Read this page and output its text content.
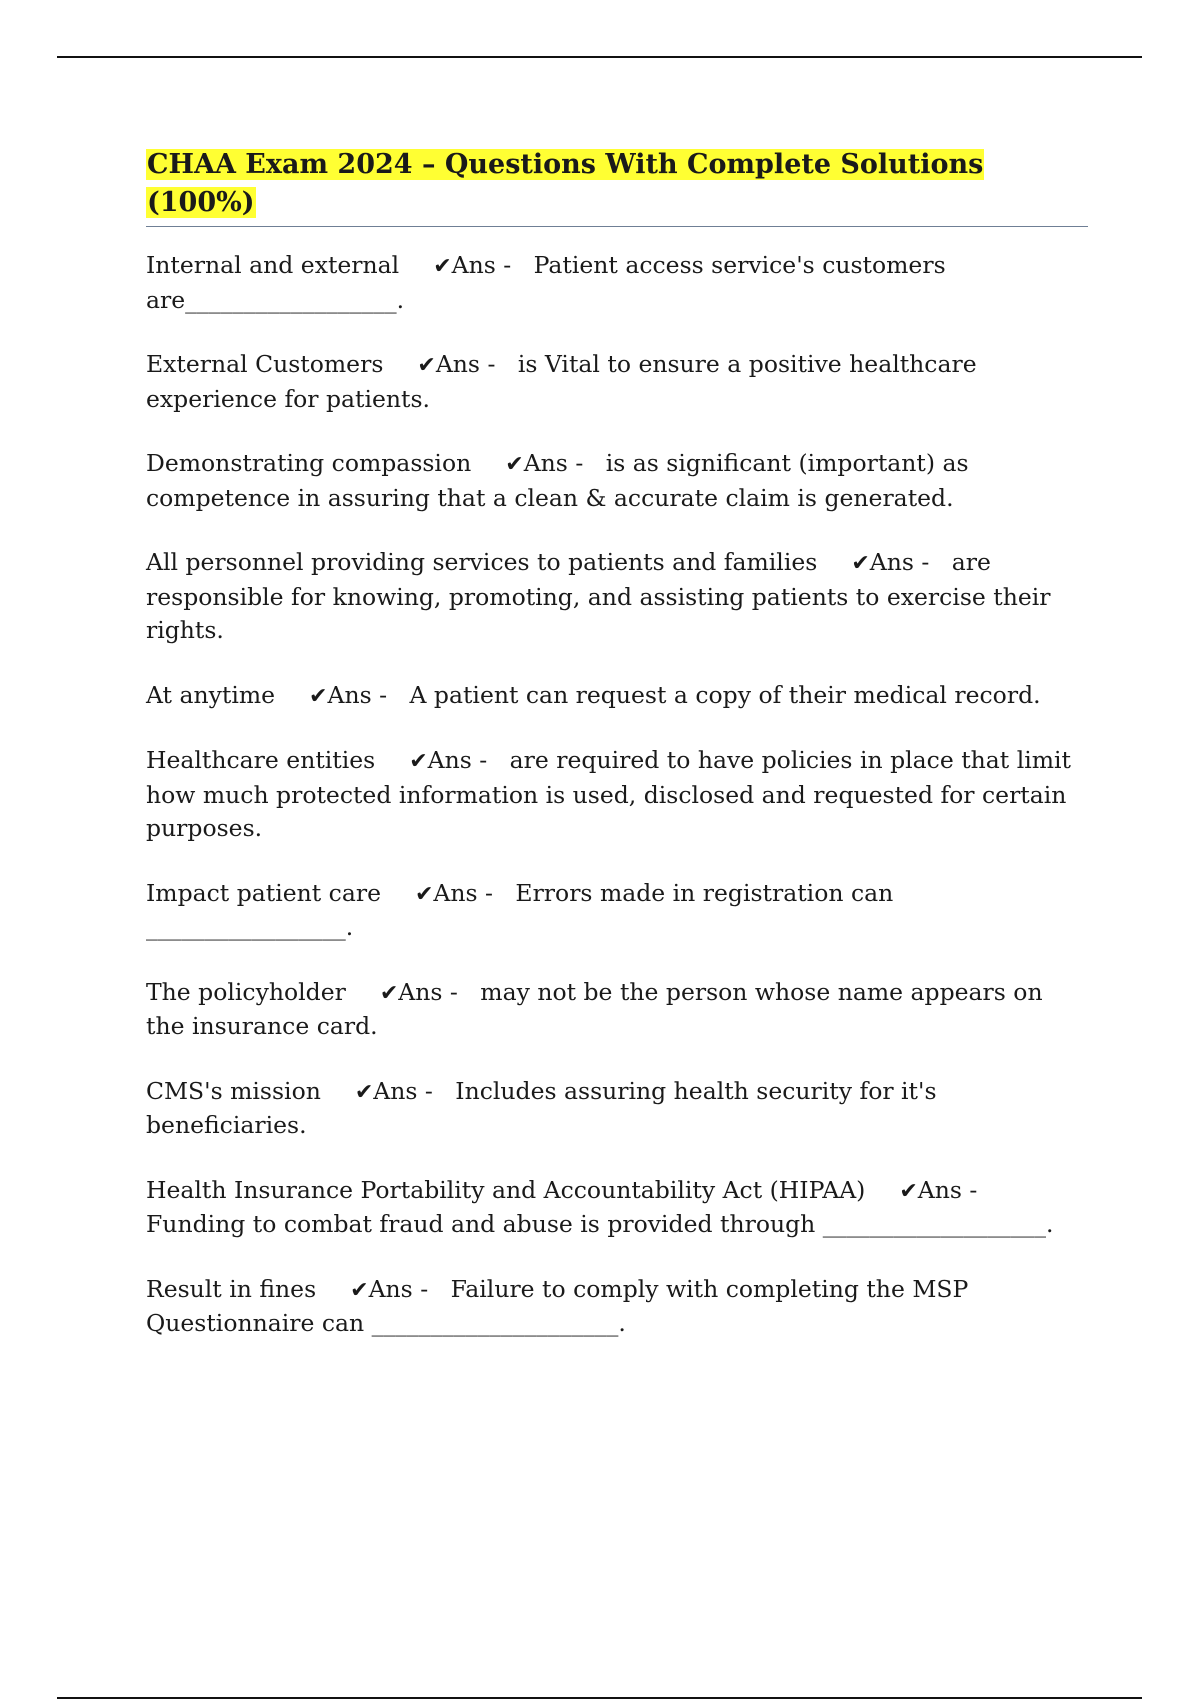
CHAA Exam 2024 – Questions With Complete Solutions (100%)

Internal and external ✔Ans - Patient access service's customers are__________________.

External Customers ✔Ans - is Vital to ensure a positive healthcare experience for patients.

Demonstrating compassion ✔Ans - is as significant (important) as competence in assuring that a clean & accurate claim is generated.

All personnel providing services to patients and families ✔Ans - are responsible for knowing, promoting, and assisting patients to exercise their rights.

At anytime ✔Ans - A patient can request a copy of their medical record.

Healthcare entities ✔Ans - are required to have policies in place that limit how much protected information is used, disclosed and requested for certain purposes.

Impact patient care ✔Ans - Errors made in registration can _________________.

The policyholder ✔Ans - may not be the person whose name appears on the insurance card.

CMS's mission ✔Ans - Includes assuring health security for it's beneficiaries.

Health Insurance Portability and Accountability Act (HIPAA) ✔Ans -   Funding to combat fraud and abuse is provided through ___________________.

Result in fines ✔Ans - Failure to comply with completing the MSP Questionnaire can _____________________.
